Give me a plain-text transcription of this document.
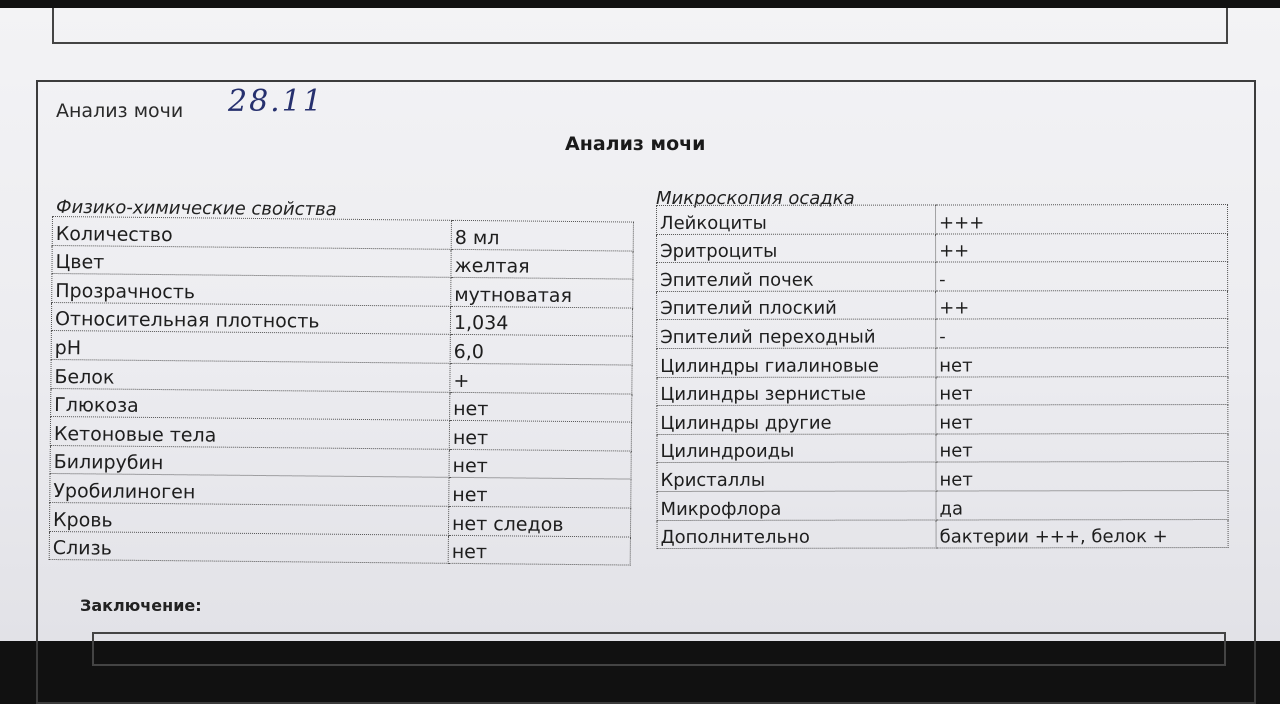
Анализ мочи 28.11
Анализ мочи
Физико-химические свойства	Микроскопия осадка
Количество	8 мл
Цвет	желтая
Прозрачность	мутноватая
Относительная плотность	1,034
pH	6,0
Белок	+
Глюкоза	нет
Кетоновые тела	нет
Билирубин	нет
Уробилиноген	нет
Кровь	нет следов
Слизь	нет
Лейкоциты	+++
Эритроциты	++
Эпителий почек	-
Эпителий плоский	++
Эпителий переходный	-
Цилиндры гиалиновые	нет
Цилиндры зернистые	нет
Цилиндры другие	нет
Цилиндроиды	нет
Кристаллы	нет
Микрофлора	да
Дополнительно	бактерии +++, белок +
Заключение:
